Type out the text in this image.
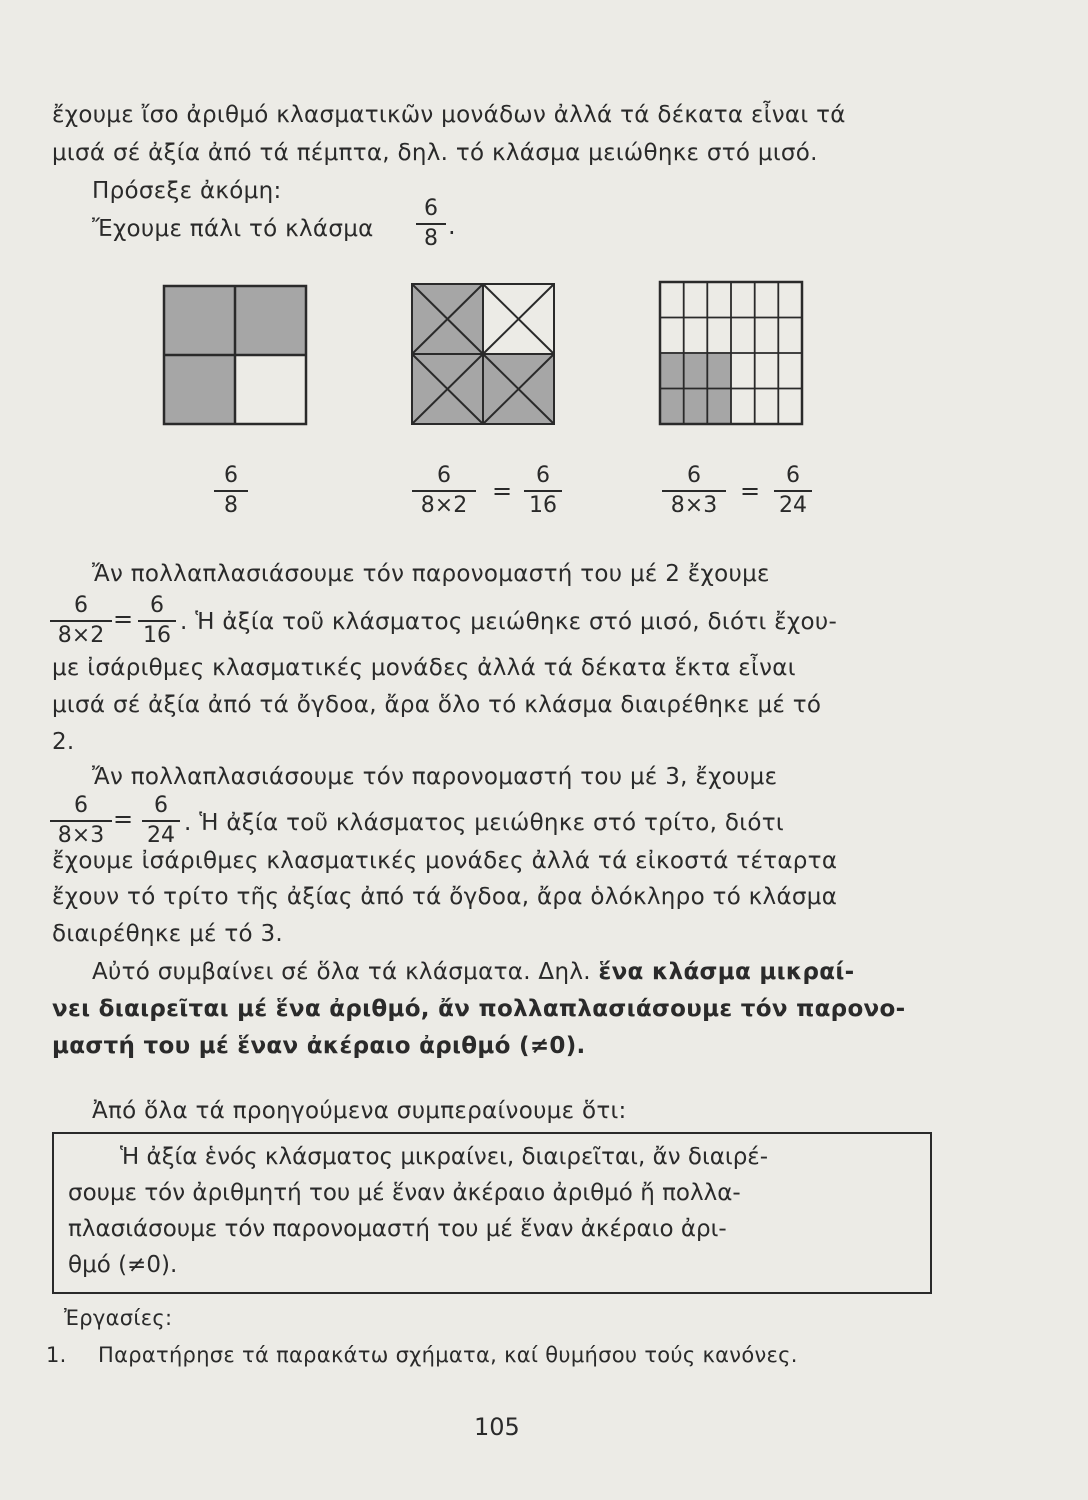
ἔχουμε ἴσο ἀριθμό κλασματικῶν μονάδων ἀλλά τά δέκατα εἶναι τά
μισά σέ ἀξία ἀπό τά πέμπτα, δηλ. τό κλάσμα μειώθηκε στό μισό.
Πρόσεξε ἀκόμη:
Ἔχουμε πάλι τό κλάσμα
6
8 .
6
8
6
8×2
=
6
16
6
8×3
=
6
24
Ἄν πολλαπλασιάσουμε τόν παρονομαστή του μέ 2 ἔχουμε
6
8×2
= 6
16
. Ἡ ἀξία τοῦ κλάσματος μειώθηκε στό μισό, διότι ἔχου-
με ἰσάριθμες κλασματικές μονάδες ἀλλά τά δέκατα ἕκτα εἶναι
μισά σέ ἀξία ἀπό τά ὄγδοα, ἄρα ὅλο τό κλάσμα διαιρέθηκε μέ τό
2.
Ἄν πολλαπλασιάσουμε τόν παρονομαστή του μέ 3, ἔχουμε
6
8×3
= 6
24 . Ἡ ἀξία τοῦ κλάσματος μειώθηκε στό τρίτο, διότι
ἔχουμε ἰσάριθμες κλασματικές μονάδες ἀλλά τά εἰκοστά τέταρτα
ἔχουν τό τρίτο τῆς ἀξίας ἀπό τά ὄγδοα, ἄρα ὁλόκληρο τό κλάσμα
διαιρέθηκε μέ τό 3.
Αὐτό συμβαίνει σέ ὅλα τά κλάσματα. Δηλ. ἕνα κλάσμα μικραί-
νει διαιρεῖται μέ ἕνα ἀριθμό, ἄν πολλαπλασιάσουμε τόν παρονο-
μαστή του μέ ἕναν ἀκέραιο ἀριθμό (≠0).
Ἀπό ὅλα τά προηγούμενα συμπεραίνουμε ὅτι:
Ἡ ἀξία ἑνός κλάσματος μικραίνει, διαιρεῖται, ἄν διαιρέ-
σουμε τόν ἀριθμητή του μέ ἕναν ἀκέραιο ἀριθμό ἤ πολλα-
πλασιάσουμε τόν παρονομαστή του μέ ἕναν ἀκέραιο ἀρι-
θμό (≠0).
Ἐργασίες:
1. Παρατήρησε τά παρακάτω σχήματα, καί θυμήσου τούς κανόνες.
105
